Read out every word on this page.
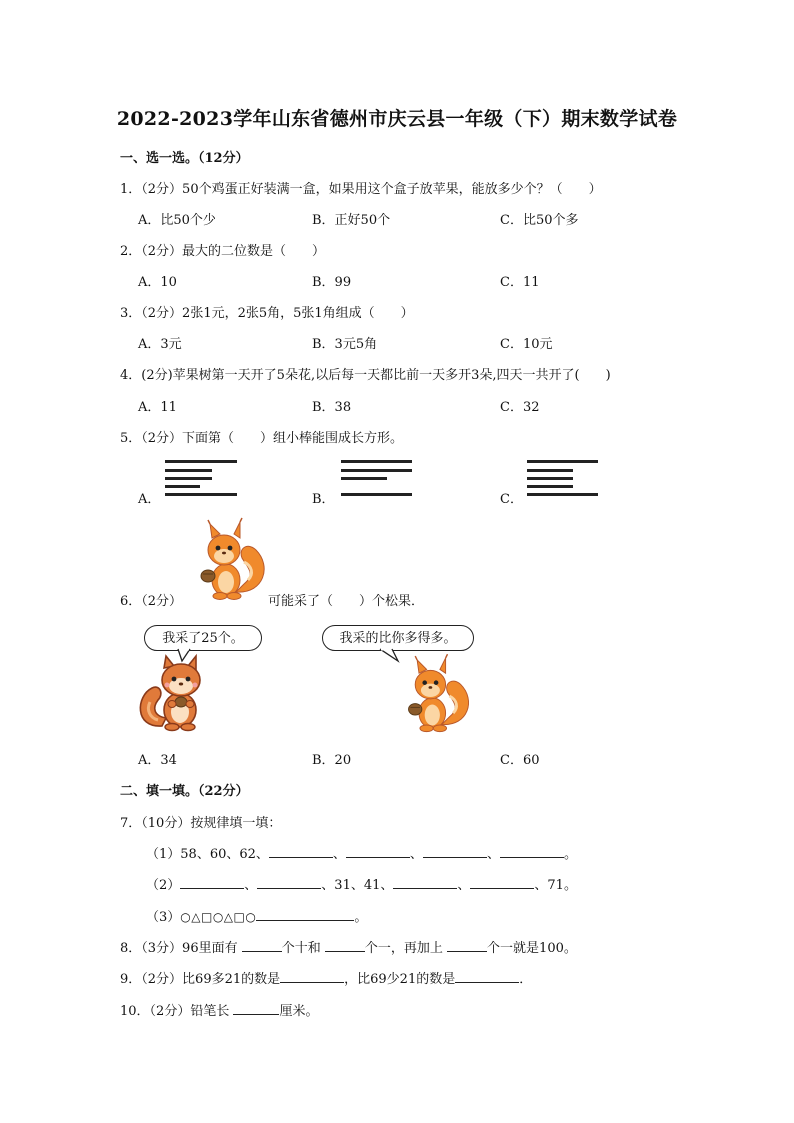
2022-2023学年山东省德州市庆云县一年级（下）期末数学试卷
一、选一选。（12分）
1．（2分）50个鸡蛋正好装满一盒，如果用这个盒子放苹果，能放多少个？（　　）
A．比50个少	B．正好50个	C．比50个多
2．（2分）最大的二位数是（　　）
A．10	B．99	C．11
3．（2分）2张1元，2张5角，5张1角组成（　　）
A．3元	B．3元5角	C．10元
4．(2分)苹果树第一天开了5朵花,以后每一天都比前一天多开3朵,四天一共开了(　　)
A．11	B．38	C．32
5．（2分）下面第（　　）组小棒能围成长方形。
A．	B．	C．
6．（2分）	可能采了（　　）个松果．
我采了25个。	我采的比你多得多。
A．34	B．20	C．60
二、填一填。（22分）
7．（10分）按规律填一填：
（1）58、60、62、	、	、	、	。
（2）	、	、31、41、	、	、71。
（3）○△□○△□○	。
8．（3分）96里面有	个十和	个一，再加上	个一就是100。
9．（2分）比69多21的数是	，比69少21的数是	．
10．（2分）铅笔长	厘米。
